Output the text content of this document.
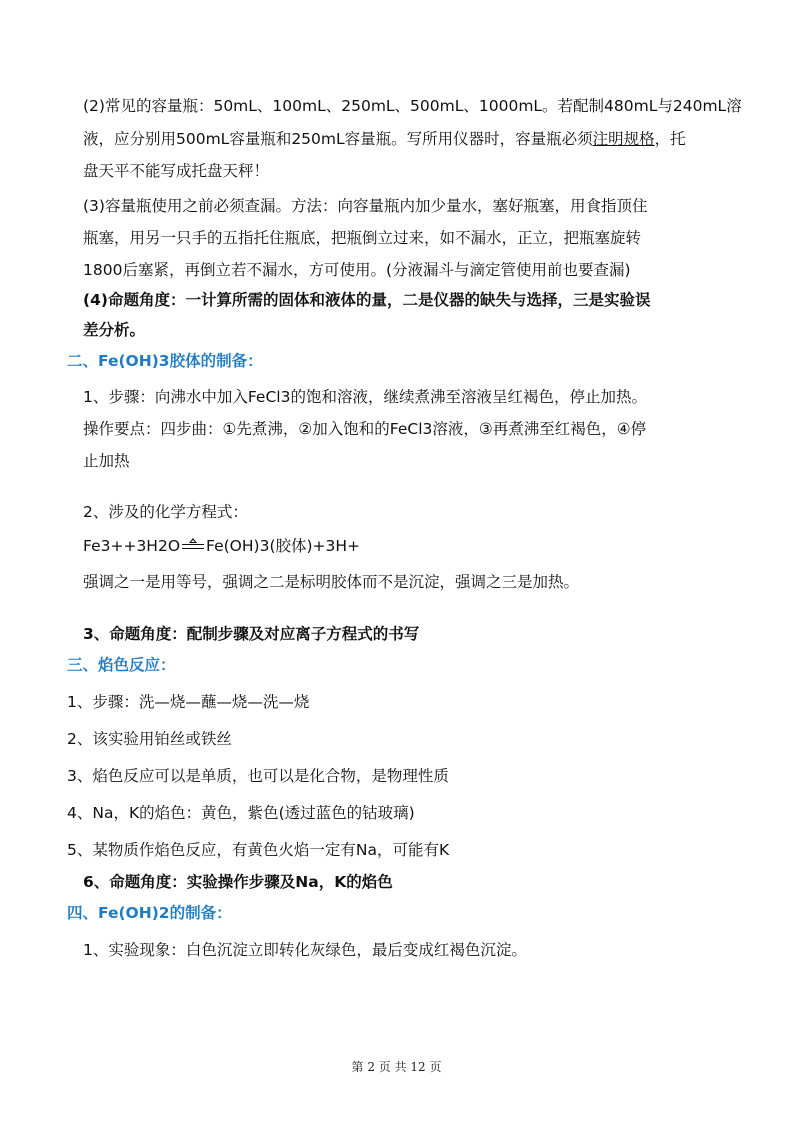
(2)常见的容量瓶：50mL、100mL、250mL、500mL、1000mL。若配制480mL与240mL溶
液，应分别用500mL容量瓶和250mL容量瓶。写所用仪器时，容量瓶必须注明规格，托
盘天平不能写成托盘天秤！
(3)容量瓶使用之前必须查漏。方法：向容量瓶内加少量水，塞好瓶塞，用食指顶住
瓶塞，用另一只手的五指托住瓶底，把瓶倒立过来，如不漏水，正立，把瓶塞旋转
1800后塞紧，再倒立若不漏水，方可使用。(分液漏斗与滴定管使用前也要查漏)
(4)命题角度：一计算所需的固体和液体的量，二是仪器的缺失与选择，三是实验误
差分析。
二、Fe(OH)3胶体的制备：
1、步骤：向沸水中加入FeCl3的饱和溶液，继续煮沸至溶液呈红褐色，停止加热。
操作要点：四步曲：①先煮沸，②加入饱和的FeCl3溶液，③再煮沸至红褐色，④停
止加热
2、涉及的化学方程式：
Fe3++3H2O Fe(OH)3(胶体)+3H+
强调之一是用等号，强调之二是标明胶体而不是沉淀，强调之三是加热。
3、命题角度：配制步骤及对应离子方程式的书写
三、焰色反应：
1、步骤：洗—烧—蘸—烧—洗—烧
2、该实验用铂丝或铁丝
3、焰色反应可以是单质，也可以是化合物，是物理性质
4、Na，K的焰色：黄色，紫色(透过蓝色的钴玻璃)
5、某物质作焰色反应，有黄色火焰一定有Na，可能有K
6、命题角度：实验操作步骤及Na，K的焰色
四、Fe(OH)2的制备：
1、实验现象：白色沉淀立即转化灰绿色，最后变成红褐色沉淀。
第 2 页 共 12 页
